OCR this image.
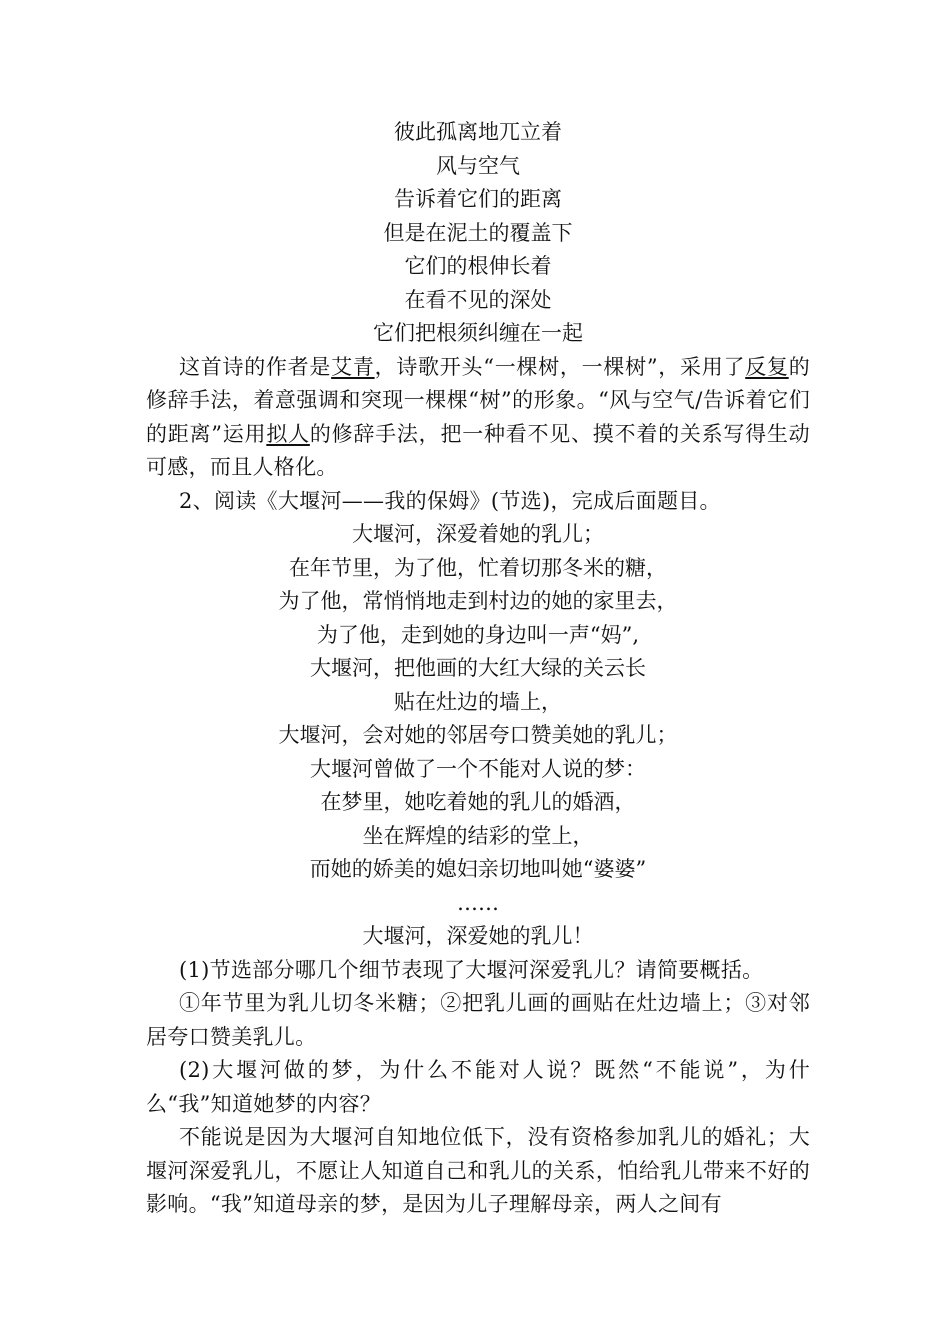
彼此孤离地兀立着
风与空气
告诉着它们的距离
但是在泥土的覆盖下
它们的根伸长着
在看不见的深处
它们把根须纠缠在一起
这首诗的作者是艾青，诗歌开头“一棵树，一棵树”，采用了反复的修辞手法，着意强调和突现一棵棵“树”的形象。“风与空气/告诉着它们的距离”运用拟人的修辞手法，把一种看不见、摸不着的关系写得生动可感，而且人格化。
2、阅读《大堰河——我的保姆》(节选)，完成后面题目。
大堰河，深爱着她的乳儿；
在年节里，为了他，忙着切那冬米的糖，
为了他，常悄悄地走到村边的她的家里去，
为了他，走到她的身边叫一声“妈”,
大堰河，把他画的大红大绿的关云长
贴在灶边的墙上，
大堰河，会对她的邻居夸口赞美她的乳儿；
大堰河曾做了一个不能对人说的梦：
在梦里，她吃着她的乳儿的婚酒，
坐在辉煌的结彩的堂上，
而她的娇美的媳妇亲切地叫她“婆婆”
……
大堰河，深爱她的乳儿！
(1)节选部分哪几个细节表现了大堰河深爱乳儿？请简要概括。
①年节里为乳儿切冬米糖；②把乳儿画的画贴在灶边墙上；③对邻居夸口赞美乳儿。
(2)大堰河做的梦，为什么不能对人说？既然“不能说”，为什么“我”知道她梦的内容？
不能说是因为大堰河自知地位低下，没有资格参加乳儿的婚礼；大堰河深爱乳儿，不愿让人知道自己和乳儿的关系，怕给乳儿带来不好的影响。“我”知道母亲的梦，是因为儿子理解母亲，两人之间有
